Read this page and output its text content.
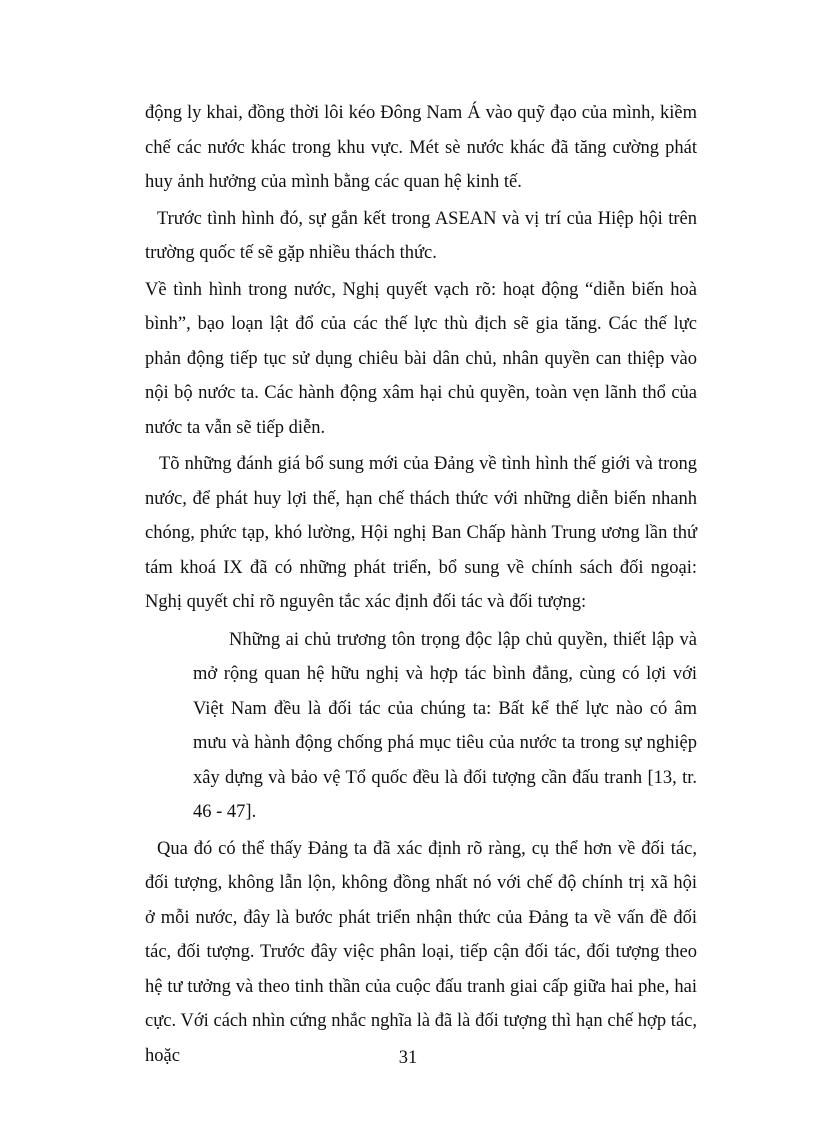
động ly khai, đồng thời lôi kéo Đông Nam Á vào quỹ đạo của mình, kiềm chế các nước khác trong khu vực. Mét sè nước khác đã tăng cường phát huy ảnh hưởng của mình bằng các quan hệ kinh tế.

Trước tình hình đó, sự gắn kết trong ASEAN và vị trí của Hiệp hội trên trường quốc tế sẽ gặp nhiều thách thức.

Về tình hình trong nước, Nghị quyết vạch rõ: hoạt động “diễn biến hoà bình”, bạo loạn lật đổ của các thế lực thù địch sẽ gia tăng. Các thế lực phản động tiếp tục sử dụng chiêu bài dân chủ, nhân quyền can thiệp vào nội bộ nước ta. Các hành động xâm hại chủ quyền, toàn vẹn lãnh thổ của nước ta vẫn sẽ tiếp diễn.

Tõ những đánh giá bổ sung mới của Đảng về tình hình thế giới và trong nước, để phát huy lợi thế, hạn chế thách thức với những diễn biến nhanh chóng, phức tạp, khó lường, Hội nghị Ban Chấp hành Trung ương lần thứ tám khoá IX đã có những phát triển, bổ sung về chính sách đối ngoại: Nghị quyết chỉ rõ nguyên tắc xác định đối tác và đối tượng:

Những ai chủ trương tôn trọng độc lập chủ quyền, thiết lập và mở rộng quan hệ hữu nghị và hợp tác bình đẳng, cùng có lợi với Việt Nam đều là đối tác của chúng ta: Bất kể thế lực nào có âm mưu và hành động chống phá mục tiêu của nước ta trong sự nghiệp xây dựng và bảo vệ Tổ quốc đều là đối tượng cần đấu tranh [13, tr. 46 - 47].

Qua đó có thể thấy Đảng ta đã xác định rõ ràng, cụ thể hơn về đối tác, đối tượng, không lẫn lộn, không đồng nhất nó với chế độ chính trị xã hội ở mỗi nước, đây là bước phát triển nhận thức của Đảng ta về vấn đề đối tác, đối tượng. Trước đây việc phân loại, tiếp cận đối tác, đối tượng theo hệ tư tưởng và theo tinh thần của cuộc đấu tranh giai cấp giữa hai phe, hai cực. Với cách nhìn cứng nhắc nghĩa là đã là đối tượng thì hạn chế hợp tác, hoặc	31
